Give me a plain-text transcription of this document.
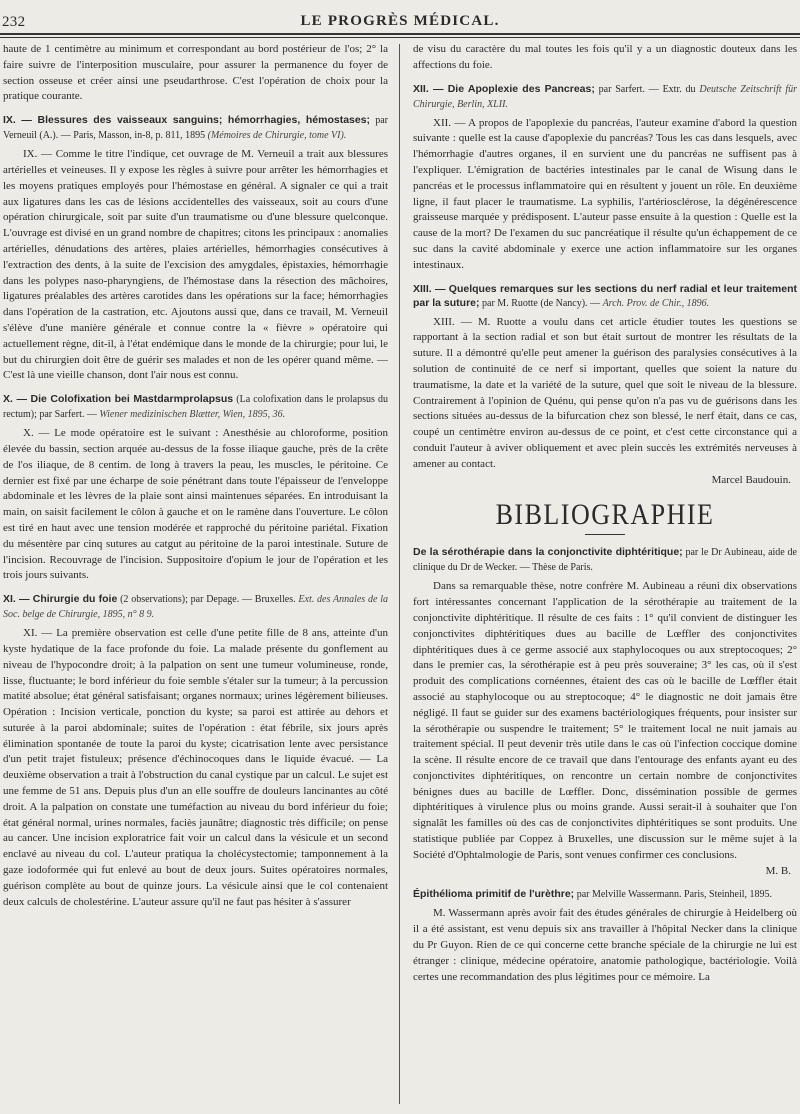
232	LE PROGRÈS MÉDICAL.

haute de 1 centimètre au minimum et correspondant au bord postérieur de l'os; 2° la faire suivre de l'interposition musculaire, pour assurer la permanence du foyer de section osseuse et créer ainsi une pseudarthrose. C'est l'opération de choix pour la pratique courante.

IX. — Blessures des vaisseaux sanguins; hémorrhagies, hémostases; par Verneuil (A.). — Paris, Masson, in-8, p. 811, 1895 (Mémoires de Chirurgie, tome VI).

IX. — Comme le titre l'indique, cet ouvrage de M. Verneuil a trait aux blessures artérielles et veineuses. Il y expose les règles à suivre pour arrêter les hémorrhagies et les moyens pratiques employés pour l'hémostase en général. A signaler ce qui a trait aux ligatures dans les cas de lésions accidentelles des vaisseaux, soit au cours d'une opération chirurgicale, soit par suite d'un traumatisme ou d'une blessure quelconque. L'ouvrage est divisé en un grand nombre de chapitres; citons les principaux : anomalies artérielles, dénudations des artères, plaies artérielles, hémorrhagies consécutives à l'extraction des dents, à la suite de l'excision des amygdales, épistaxies, hémorrhagie dans les polypes naso-pharyngiens, de l'hémostase dans la résection des mâchoires, ligatures préalables des artères carotides dans les opérations sur la face; hémorrhagies dans l'opération de la castration, etc. Ajoutons aussi que, dans ce travail, M. Verneuil s'élève d'une manière générale et connue contre la « fièvre » opératoire qui actuellement règne, dit-il, à l'état endémique dans le monde de la chirurgie; pour lui, le but du chirurgien doit être de guérir ses malades et non de les opérer quand même. — C'est là une vieille chanson, dont l'air nous est connu.

X. — Die Colofixation bei Mastdarmprolapsus (La colofixation dans le prolapsus du rectum); par Sarfert. — Wiener medizinischen Blætter, Wien, 1895, 36.

X. — Le mode opératoire est le suivant : Anesthésie au chloroforme, position élevée du bassin, section arquée au-dessus de la fosse iliaque gauche, près de la crête de l'os iliaque, de 8 centim. de long à travers la peau, les muscles, le péritoine. Ce dernier est fixé par une écharpe de soie pénétrant dans toute l'épaisseur de l'enveloppe abdominale et les lèvres de la plaie sont ainsi maintenues séparées. En introduisant la main, on saisit facilement le côlon à gauche et on le ramène dans l'ouverture. Le côlon est tiré en haut avec une tension modérée et rapproché du péritoine pariétal. Fixation du mésentère par cinq sutures au catgut au péritoine de la paroi intestinale. Suture de l'incision. Recouvrage de l'incision. Suppositoire d'opium le jour de l'opération et les trois jours suivants.

XI. — Chirurgie du foie (2 observations); par Depage. — Bruxelles. Ext. des Annales de la Soc. belge de Chirurgie, 1895, n° 8 9.

XI. — La première observation est celle d'une petite fille de 8 ans, atteinte d'un kyste hydatique de la face profonde du foie. La malade présente du gonflement au niveau de l'hypocondre droit; à la palpation on sent une tumeur volumineuse, ronde, lisse, fluctuante; le bord inférieur du foie semble s'étaler sur la tumeur; à la percussion matité absolue; état général satisfaisant; organes normaux; urines légèrement bilieuses. Opération : Incision verticale, ponction du kyste; sa paroi est attirée au dehors et suturée à la paroi abdominale; suites de l'opération : état fébrile, six jours après élimination spontanée de toute la paroi du kyste; cicatrisation lente avec persistance d'un petit trajet fistuleux; présence d'échinocoques dans le liquide évacué. — La deuxième observation a trait à l'obstruction du canal cystique par un calcul. Le sujet est une femme de 51 ans. Depuis plus d'un an elle souffre de douleurs lancinantes au côté droit. A la palpation on constate une tuméfaction au niveau du bord inférieur du foie; état général normal, urines normales, faciès jaunâtre; diagnostic très difficile; on pense au cancer. Une incision exploratrice fait voir un calcul dans la vésicule et un second enclavé au niveau du col. L'auteur pratiqua la cholécystectomie; tamponnement à la gaze iodoformée qui fut enlevé au bout de deux jours. Suites opératoires normales, guérison complète au bout de quinze jours. La vésicule ainsi que le col contenaient deux calculs de cholestérine. L'auteur assure qu'il ne faut pas hésiter à s'assurer

de visu du caractère du mal toutes les fois qu'il y a un diagnostic douteux dans les affections du foie.

XII. — Die Apoplexie des Pancreas; par Sarfert. — Extr. du Deutsche Zeitschrift für Chirurgie, Berlin, XLII.

XII. — A propos de l'apoplexie du pancréas, l'auteur examine d'abord la question suivante : quelle est la cause d'apoplexie du pancréas? Tous les cas dans lesquels, avec l'hémorrhagie d'autres organes, il en survient une du pancréas ne suffisent pas à l'expliquer. L'émigration de bactéries intestinales par le canal de Wisung dans le pancréas et le processus inflammatoire qui en résultent y jouent un rôle. En deuxième ligne, il faut placer le traumatisme. La syphilis, l'artériosclérose, la dégénérescence graisseuse marquée y prédisposent. L'auteur passe ensuite à la question : Quelle est la cause de la mort? De l'examen du suc pancréatique il résulte qu'un échappement de ce suc dans la cavité abdominale y exerce une action inflammatoire sur les organes intestinaux.

XIII. — Quelques remarques sur les sections du nerf radial et leur traitement par la suture; par M. Ruotte (de Nancy). — Arch. Prov. de Chir., 1896.

XIII. — M. Ruotte a voulu dans cet article étudier toutes les questions se rapportant à la section radial et son but était surtout de montrer les résultats de la suture. Il a démontré qu'elle peut amener la guérison des paralysies consécutives à la solution de continuité de ce nerf si important, quelles que soient la nature du traumatisme, la date et la variété de la suture, quel que soit le niveau de la blessure. Contrairement à l'opinion de Quénu, qui pense qu'on n'a pas vu de guérisons dans les sections situées au-dessus de la bifurcation chez son blessé, le nerf était, dans ce cas, coupé un centimètre environ au-dessus de ce point, et c'est cette circonstance qui a conduit l'auteur à aviver obliquement et avec plein succès les extrémités nerveuses à amener au contact.

Marcel Baudouin.

BIBLIOGRAPHIE

De la sérothérapie dans la conjonctivite diphtéritique; par le Dr Aubineau, aide de clinique du Dr de Wecker. — Thèse de Paris.

Dans sa remarquable thèse, notre confrère M. Aubineau a réuni dix observations fort intéressantes concernant l'application de la sérothérapie au traitement de la conjonctivite diphtéritique. Il résulte de ces faits : 1° qu'il convient de distinguer les conjonctivites diphtéritiques dues au bacille de Lœffler des conjonctivites diphtéritiques dues à ce germe associé aux staphylocoques ou aux streptocoques; 2° dans le premier cas, la sérothérapie est à peu près souveraine; 3° les cas, où il s'est produit des complications cornéennes, étaient des cas où le bacille de Lœffler était associé au staphylocoque ou au streptocoque; 4° le diagnostic ne doit jamais être négligé. Il faut se guider sur des examens bactériologiques fréquents, pour insister sur la sérothérapie ou suspendre le traitement; 5° le traitement local ne nuit jamais au traitement spécial. Il peut devenir très utile dans le cas où l'infection coccique domine la scène. Il résulte encore de ce travail que dans l'entourage des enfants ayant eu des conjonctivites diphtéritiques, on rencontre un certain nombre de conjonctivites bénignes dues au bacille de Lœffler. Donc, dissémination possible de germes diphtéritiques à virulence plus ou moins grande. Aussi serait-il à souhaiter que l'on signalât les familles où des cas de conjonctivites diphtéritiques se sont produits. Une statistique publiée par Coppez à Bruxelles, une discussion sur le même sujet à la Société d'Ophtalmologie de Paris, sont venues confirmer ces conclusions.

M. B.

Épithélioma primitif de l'urèthre; par Melville Wassermann. Paris, Steinheil, 1895.

M. Wassermann après avoir fait des études générales de chirurgie à Heidelberg où il a été assistant, est venu depuis six ans travailler à l'hôpital Necker dans la clinique du Pr Guyon. Rien de ce qui concerne cette branche spéciale de la chirurgie ne lui est étranger : clinique, médecine opératoire, anatomie pathologique, bactériologie. Voilà certes une recommandation des plus légitimes pour ce mémoire. La
